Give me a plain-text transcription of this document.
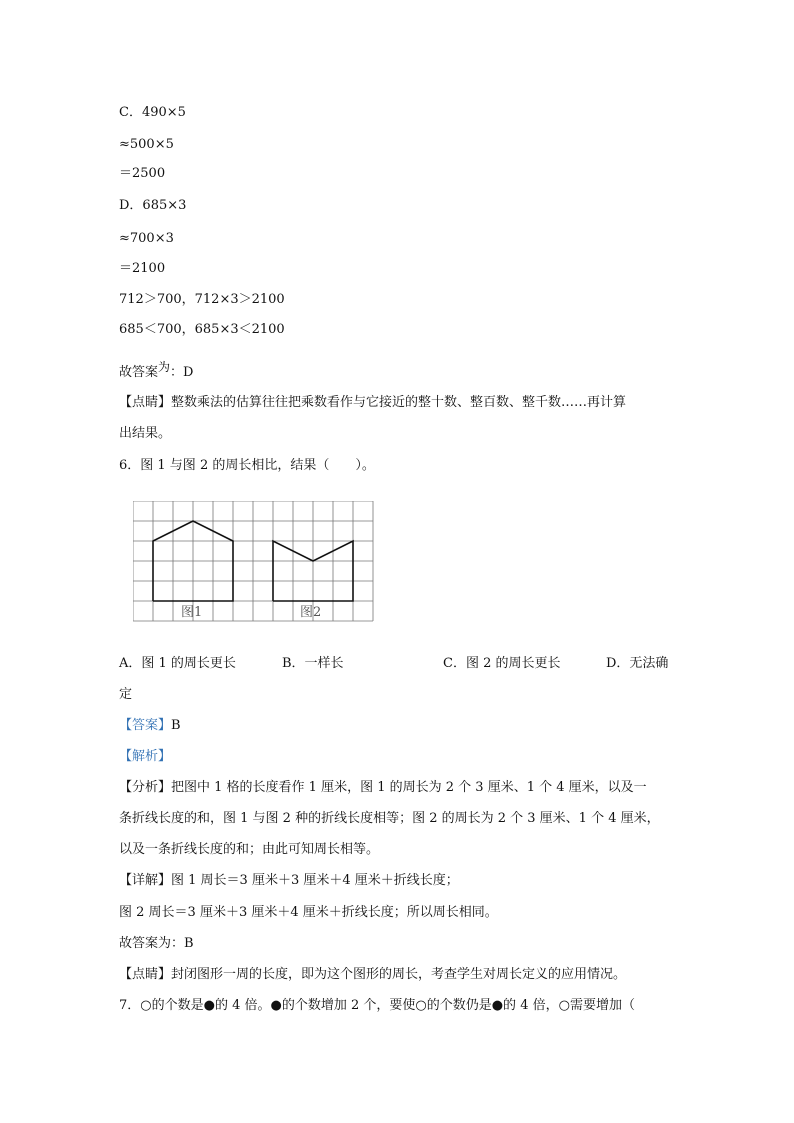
C．490×5
≈500×5
＝2500
D．685×3
≈700×3
＝2100
712＞700，712×3＞2100
685＜700，685×3＜2100
故答案为：D
【点睛】整数乘法的估算往往把乘数看作与它接近的整十数、整百数、整千数……再计算
出结果。
6．图 1 与图 2 的周长相比，结果（　　）。
图1	图2
A．图 1 的周长更长	B．一样长	C．图 2 的周长更长	D．无法确
定
【答案】B
【解析】
【分析】把图中 1 格的长度看作 1 厘米，图 1 的周长为 2 个 3 厘米、1 个 4 厘米，以及一
条折线长度的和，图 1 与图 2 种的折线长度相等；图 2 的周长为 2 个 3 厘米、1 个 4 厘米，
以及一条折线长度的和；由此可知周长相等。
【详解】图 1 周长＝3 厘米＋3 厘米＋4 厘米＋折线长度；
图 2 周长＝3 厘米＋3 厘米＋4 厘米＋折线长度；所以周长相同。
故答案为：B
【点睛】封闭图形一周的长度，即为这个图形的周长，考查学生对周长定义的应用情况。
7．○的个数是●的 4 倍。●的个数增加 2 个，要使○的个数仍是●的 4 倍，○需要增加（
